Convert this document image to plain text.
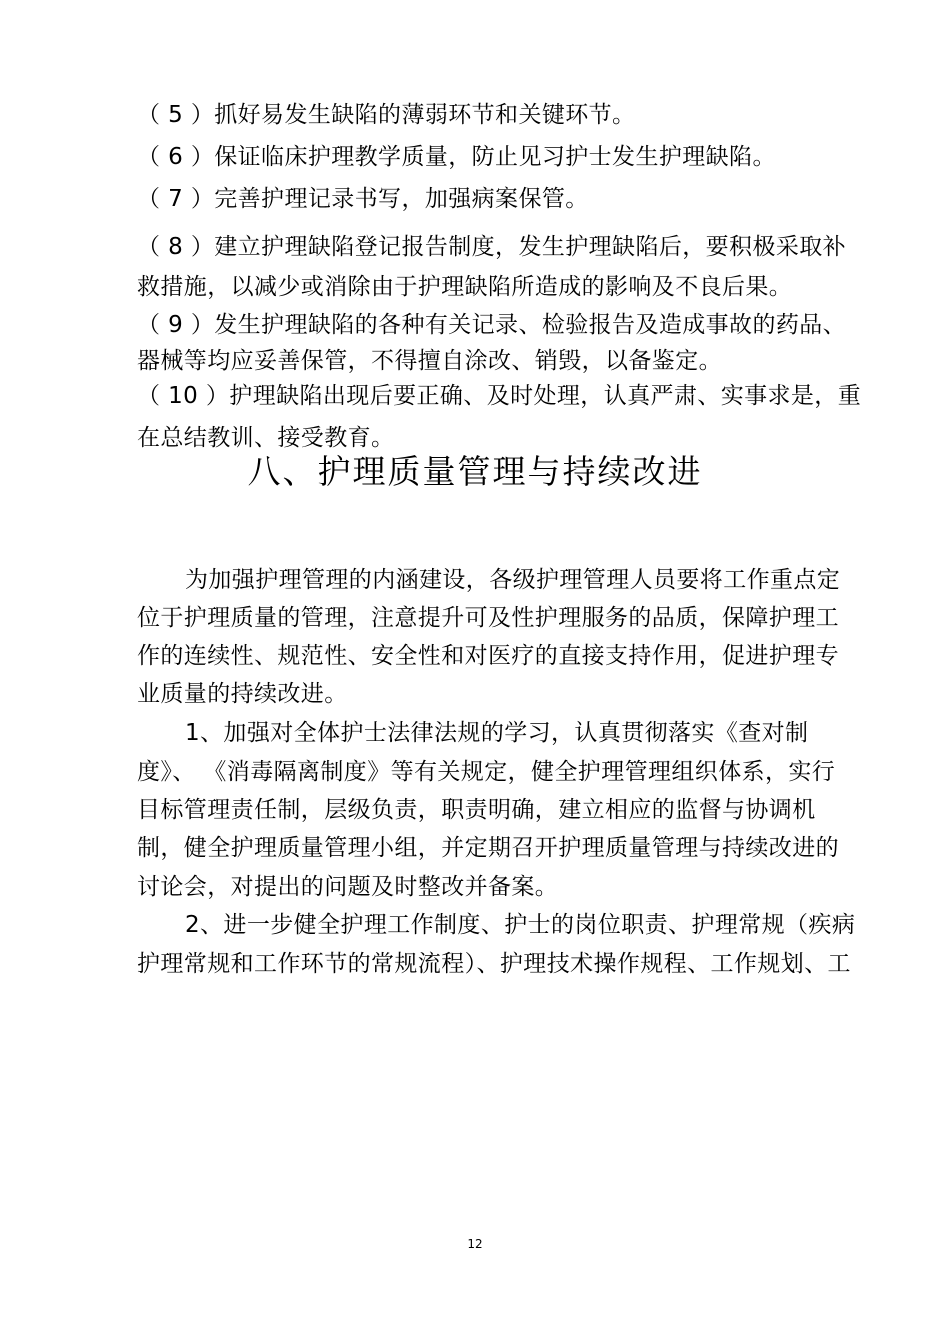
（ 5 ）抓好易发生缺陷的薄弱环节和关键环节。
（ 6 ）保证临床护理教学质量，防止见习护士发生护理缺陷。
（ 7 ）完善护理记录书写，加强病案保管。
（ 8 ）建立护理缺陷登记报告制度，发生护理缺陷后，要积极采取补
救措施，以减少或消除由于护理缺陷所造成的影响及不良后果。
（ 9 ）发生护理缺陷的各种有关记录、检验报告及造成事故的药品、
器械等均应妥善保管，不得擅自涂改、销毁，以备鉴定。
（ 10 ）护理缺陷出现后要正确、及时处理，认真严肃、实事求是，重
在总结教训、接受教育。
八、护理质量管理与持续改进
为加强护理管理的内涵建设，各级护理管理人员要将工作重点定
位于护理质量的管理，注意提升可及性护理服务的品质，保障护理工
作的连续性、规范性、安全性和对医疗的直接支持作用，促进护理专
业质量的持续改进。
1、加强对全体护士法律法规的学习，认真贯彻落实《查对制
度》、 《消毒隔离制度》等有关规定，健全护理管理组织体系，实行
目标管理责任制，层级负责，职责明确，建立相应的监督与协调机
制，健全护理质量管理小组，并定期召开护理质量管理与持续改进的
讨论会，对提出的问题及时整改并备案。
2、进一步健全护理工作制度、护士的岗位职责、护理常规（疾病
护理常规和工作环节的常规流程）、护理技术操作规程、工作规划、工
12
